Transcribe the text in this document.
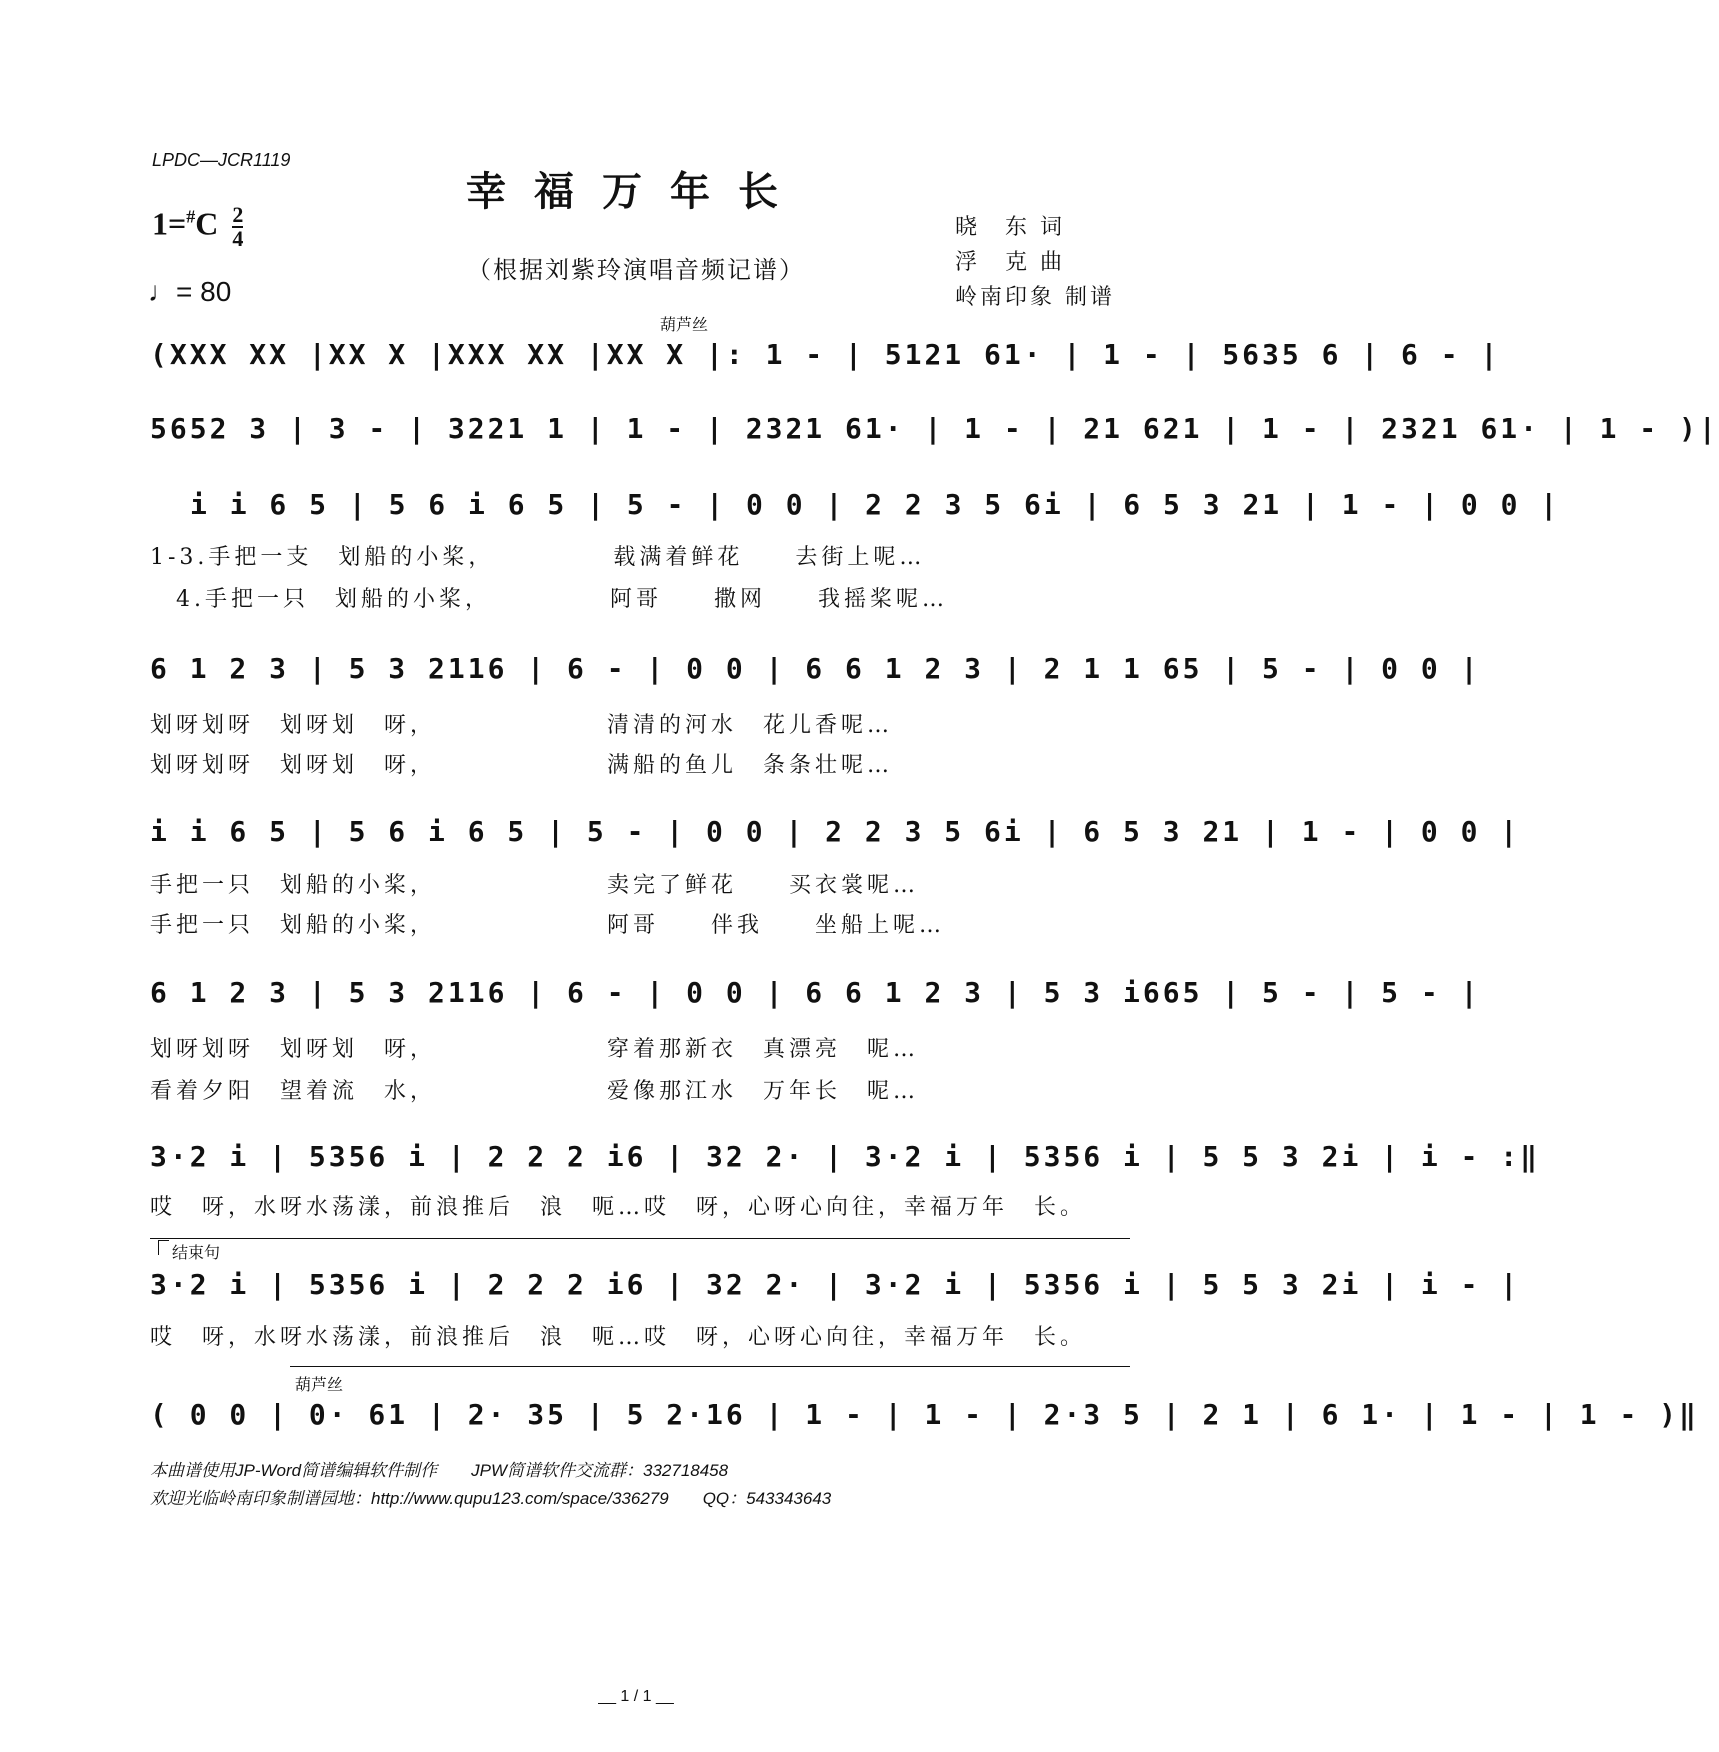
LPDC—JCR1119
幸福万年长
（根据刘紫玲演唱音频记谱）
$1=^{\#}C \frac{2}{4}$
♩= 80
晓　东 词
浮　克 曲
岭南印象 制谱
葫芦丝
(XXX XX |XX X |XXX XX |XX X |: 1 - | 5121 61· | 1 - | 5635 6 | 6 - |
5652 3 | 3 - | 3221 1 | 1 - | 2321 61· | 1 - | 21 621 | 1 - | 2321 61· | 1 - )|
i i 6 5 | 5 6 i 6 5 | 5 - | 0 0 | 2 2 3 5 6i | 6 5 3 21 | 1 - | 0 0 |
1-3.手把一支　划船的小桨，　　　　　载满着鲜花　　去街上呢…
　4.手把一只　划船的小桨，　　　　　阿哥　　撒网　　我摇桨呢…
6 1 2 3 | 5 3 2116 | 6 - | 0 0 | 6 6 1 2 3 | 2 1 1 65 | 5 - | 0 0 |
划呀划呀　划呀划　呀，　　　　　　　清清的河水　花儿香呢…
划呀划呀　划呀划　呀，　　　　　　　满船的鱼儿　条条壮呢…
i i 6 5 | 5 6 i 6 5 | 5 - | 0 0 | 2 2 3 5 6i | 6 5 3 21 | 1 - | 0 0 |
手把一只　划船的小桨，　　　　　　　卖完了鲜花　　买衣裳呢…
手把一只　划船的小桨，　　　　　　　阿哥　　伴我　　坐船上呢…
6 1 2 3 | 5 3 2116 | 6 - | 0 0 | 6 6 1 2 3 | 5 3 i665 | 5 - | 5 - |
划呀划呀　划呀划　呀，　　　　　　　穿着那新衣　真漂亮　呢…
看着夕阳　望着流　水，　　　　　　　爱像那江水　万年长　呢…
3·2 i | 5356 i | 2 2 2 i6 | 32 2· | 3·2 i | 5356 i | 5 5 3 2i | i - :‖
哎　呀，水呀水荡漾，前浪推后　浪　呃…哎　呀，心呀心向往，幸福万年　长。
结束句
3·2 i | 5356 i | 2 2 2 i6 | 32 2· | 3·2 i | 5356 i | 5 5 3 2i | i - |
哎　呀，水呀水荡漾，前浪推后　浪　呃…哎　呀，心呀心向往，幸福万年　长。
葫芦丝
( 0 0 | 0· 61 | 2· 35 | 5 2·16 | 1 - | 1 - | 2·3 5 | 2 1 | 6 1· | 1 - | 1 - )‖
本曲谱使用JP-Word简谱编辑软件制作　　JPW简谱软件交流群：332718458
欢迎光临岭南印象制谱园地：http://www.qupu123.com/space/336279　　QQ：543343643
__ 1 / 1 __
